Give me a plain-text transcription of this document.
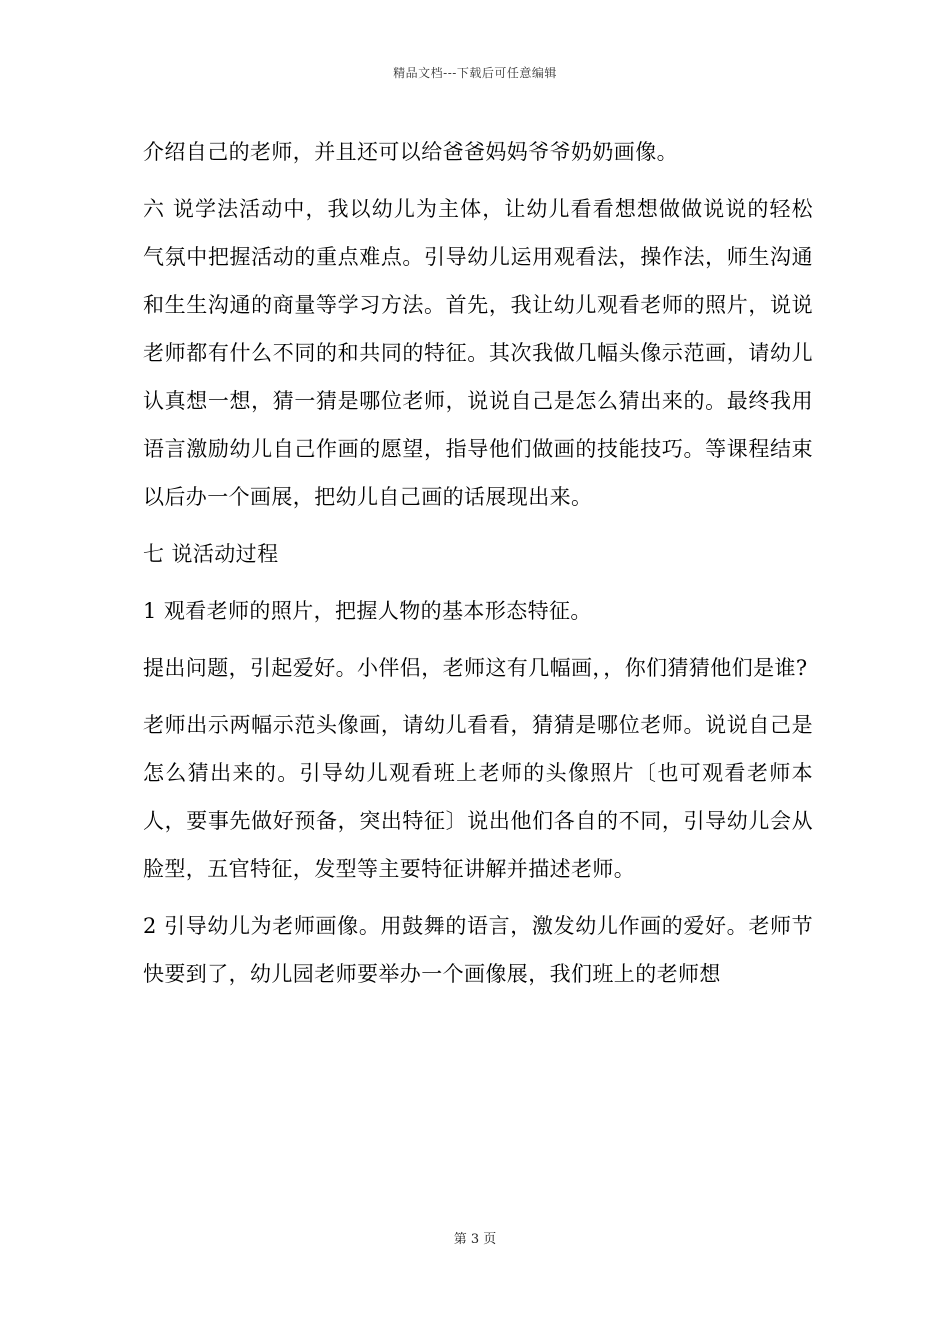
精品文档---下载后可任意编辑

介绍自己的老师，并且还可以给爸爸妈妈爷爷奶奶画像。

六 说学法活动中，我以幼儿为主体，让幼儿看看想想做做说说的轻松气氛中把握活动的重点难点。引导幼儿运用观看法，操作法，师生沟通和生生沟通的商量等学习方法。首先，我让幼儿观看老师的照片，说说老师都有什么不同的和共同的特征。其次我做几幅头像示范画，请幼儿认真想一想，猜一猜是哪位老师，说说自己是怎么猜出来的。最终我用语言激励幼儿自己作画的愿望，指导他们做画的技能技巧。等课程结束以后办一个画展，把幼儿自己画的话展现出来。

七 说活动过程

1 观看老师的照片，把握人物的基本形态特征。

提出问题，引起爱好。小伴侣，老师这有几幅画，，你们猜猜他们是谁?

老师出示两幅示范头像画，请幼儿看看，猜猜是哪位老师。说说自己是怎么猜出来的。引导幼儿观看班上老师的头像照片〔也可观看老师本人，要事先做好预备，突出特征〕说出他们各自的不同，引导幼儿会从脸型，五官特征，发型等主要特征讲解并描述老师。

2 引导幼儿为老师画像。用鼓舞的语言，激发幼儿作画的爱好。老师节快要到了，幼儿园老师要举办一个画像展，我们班上的老师想

第 3 页
